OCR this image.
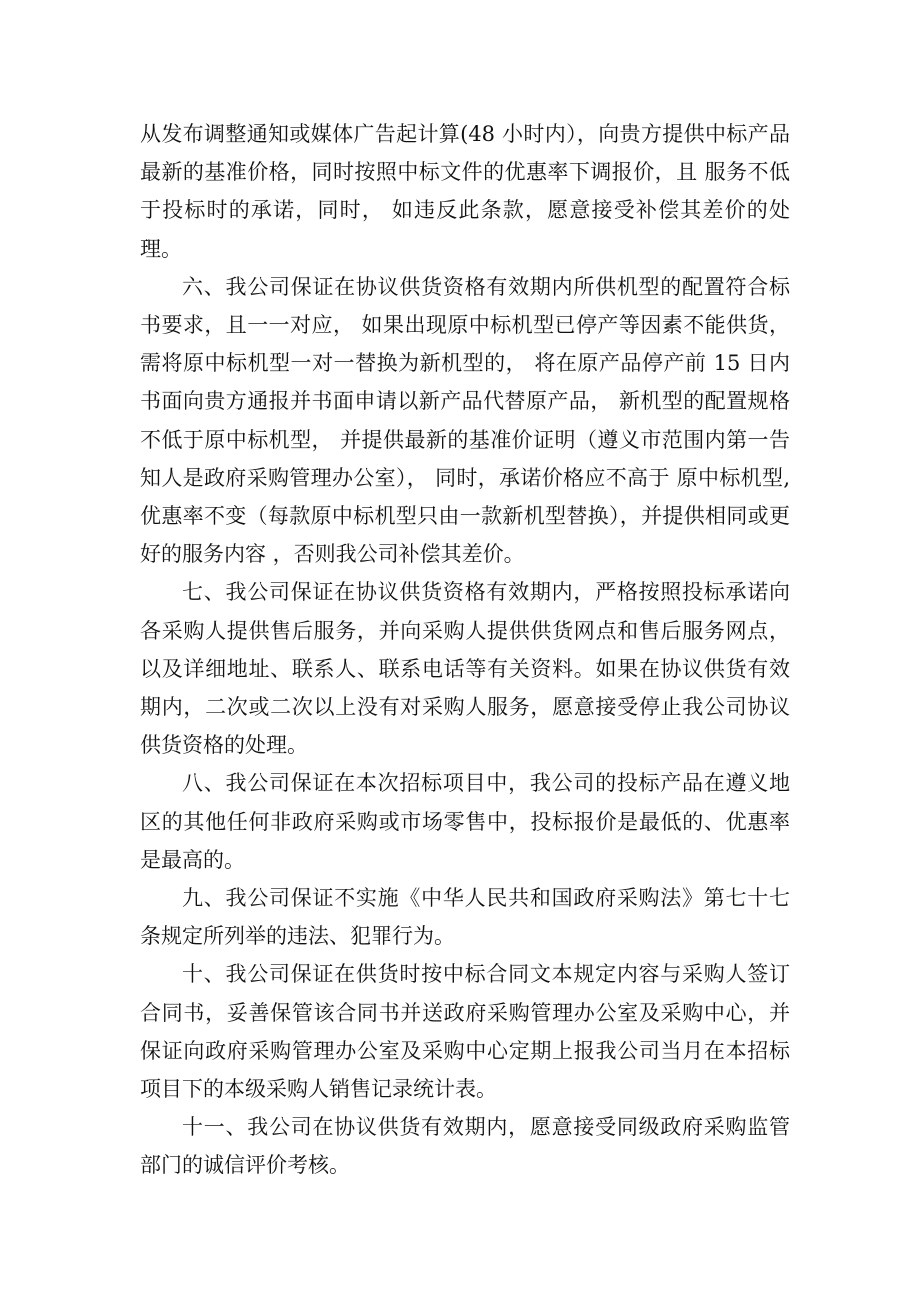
从发布调整通知或媒体广告起计算(48 小时内），向贵方提供中标产品最新的基准价格，同时按照中标文件的优惠率下调报价，且 服务不低于投标时的承诺，同时， 如违反此条款，愿意接受补偿其差价的处理。

六、我公司保证在协议供货资格有效期内所供机型的配置符合标书要求，且一一对应， 如果出现原中标机型已停产等因素不能供货，需将原中标机型一对一替换为新机型的， 将在原产品停产前 15 日内书面向贵方通报并书面申请以新产品代替原产品， 新机型的配置规格不低于原中标机型， 并提供最新的基准价证明（遵义市范围内第一告知人是政府采购管理办公室）， 同时，承诺价格应不高于 原中标机型,优惠率不变（每款原中标机型只由一款新机型替换），并提供相同或更好的服务内容 ，否则我公司补偿其差价。

七、我公司保证在协议供货资格有效期内，严格按照投标承诺向各采购人提供售后服务，并向采购人提供供货网点和售后服务网点，以及详细地址、联系人、联系电话等有关资料。如果在协议供货有效期内，二次或二次以上没有对采购人服务，愿意接受停止我公司协议供货资格的处理。

八、我公司保证在本次招标项目中，我公司的投标产品在遵义地区的其他任何非政府采购或市场零售中，投标报价是最低的、优惠率是最高的。

九、我公司保证不实施《中华人民共和国政府采购法》第七十七条规定所列举的违法、犯罪行为。

十、我公司保证在供货时按中标合同文本规定内容与采购人签订合同书，妥善保管该合同书并送政府采购管理办公室及采购中心，并保证向政府采购管理办公室及采购中心定期上报我公司当月在本招标项目下的本级采购人销售记录统计表。

十一、我公司在协议供货有效期内，愿意接受同级政府采购监管部门的诚信评价考核。
